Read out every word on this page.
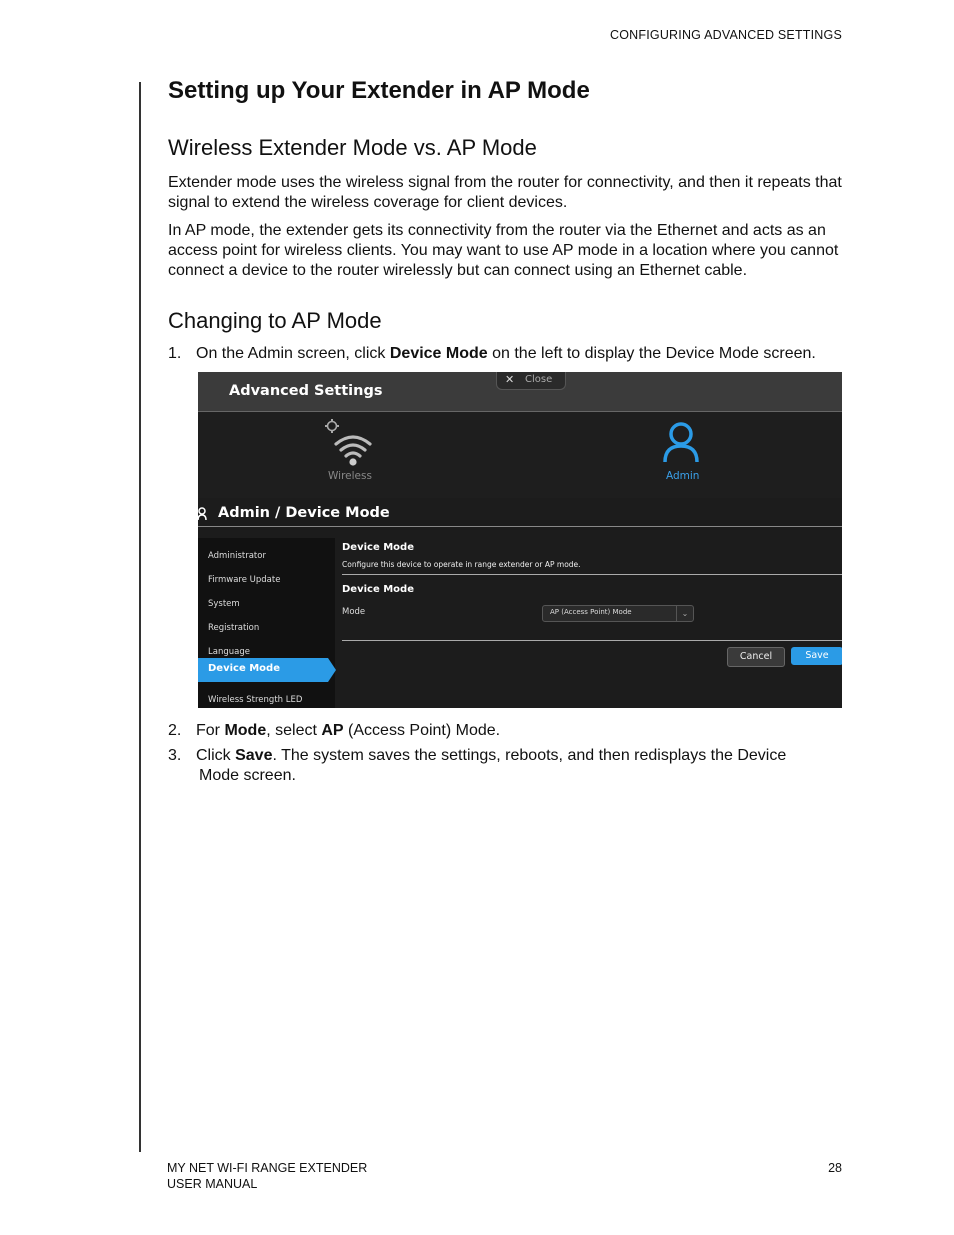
CONFIGURING ADVANCED SETTINGS
Setting up Your Extender in AP Mode
Wireless Extender Mode vs. AP Mode

Extender mode uses the wireless signal from the router for connectivity, and then it repeats that signal to extend the wireless coverage for client devices.

In AP mode, the extender gets its connectivity from the router via the Ethernet and acts as an access point for wireless clients. You may want to use AP mode in a location where you cannot connect a device to the router wirelessly but can connect using an Ethernet cable.

Changing to AP Mode
1. On the Admin screen, click Device Mode on the left to display the Device Mode screen.
2. For Mode, select AP (Access Point) Mode.
3. Click Save. The system saves the settings, reboots, and then redisplays the Device
Mode screen.
Advanced Settings
✕ Close
Wireless	Admin
Admin / Device Mode
Administrator
Firmware Update
System
Registration
Language
Device Mode
Wireless Strength LED
Device Mode
Configure this device to operate in range extender or AP mode.
Device Mode
Mode	AP (Access Point) Mode	⌄
Cancel	Save
MY NET WI-FI RANGE EXTENDER
USER MANUAL
28
